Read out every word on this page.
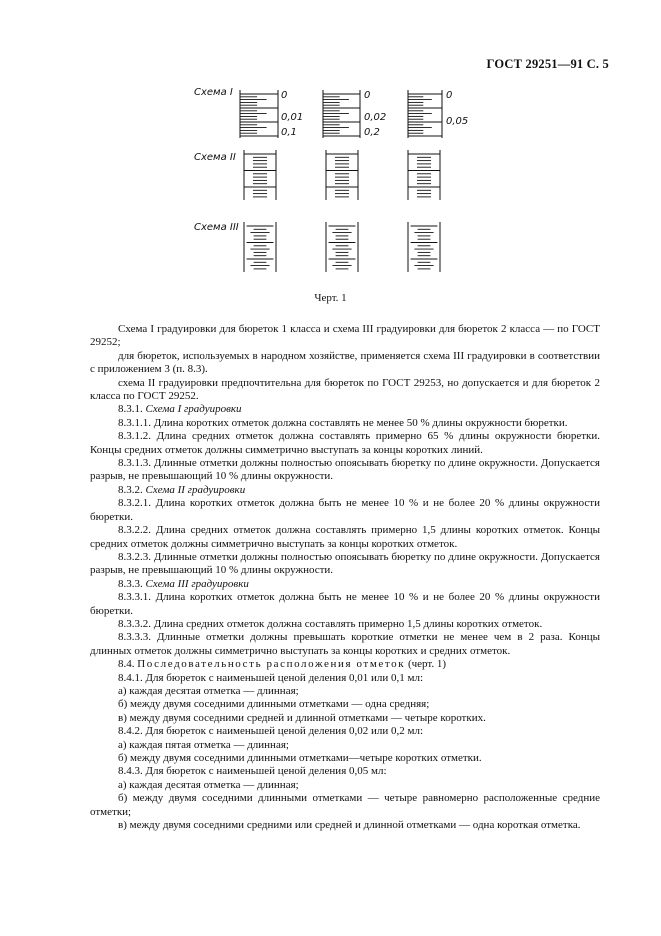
ГОСТ 29251—91 С. 5
Схема I
Схема II
Схема III
0
0,01
0,1
0
0,02
0,2
0
0,05
Черт. 1

Схема I градуировки для бюреток 1 класса и схема III градуировки для бюреток 2 класса — по ГОСТ 29252;

для бюреток, используемых в народном хозяйстве, применяется схема III градуировки в соответствии с приложением 3 (п. 8.3).

схема II градуировки предпочтительна для бюреток по ГОСТ 29253, но допускается и для бюреток 2 класса по ГОСТ 29252.

8.3.1. Схема I градуировки

8.3.1.1. Длина коротких отметок должна составлять не менее 50 % длины окружности бюретки.

8.3.1.2. Длина средних отметок должна составлять примерно 65 % длины окружности бюретки. Концы средних отметок должны симметрично выступать за концы коротких линий.

8.3.1.3. Длинные отметки должны полностью опоясывать бюретку по длине окружности. Допускается разрыв, не превышающий 10 % длины окружности.

8.3.2. Схема II градуировки

8.3.2.1. Длина коротких отметок должна быть не менее 10 % и не более 20 % длины окружности бюретки.

8.3.2.2. Длина средних отметок должна составлять примерно 1,5 длины коротких отметок. Концы средних отметок должны симметрично выступать за концы коротких отметок.

8.3.2.3. Длинные отметки должны полностью опоясывать бюретку по длине окружности. Допускается разрыв, не превышающий 10 % длины окружности.

8.3.3. Схема III градуировки

8.3.3.1. Длина коротких отметок должна быть не менее 10 % и не более 20 % длины окружности бюретки.

8.3.3.2. Длина средних отметок должна составлять примерно 1,5 длины коротких отметок.

8.3.3.3. Длинные отметки должны превышать короткие отметки не менее чем в 2 раза. Концы длинных отметок должны симметрично выступать за концы коротких и средних отметок.

8.4. Последовательность расположения отметок (черт. 1)

8.4.1. Для бюреток с наименьшей ценой деления 0,01 или 0,1 мл:

а) каждая десятая отметка — длинная;

б) между двумя соседними длинными отметками — одна средняя;

в) между двумя соседними средней и длинной отметками — четыре коротких.

8.4.2. Для бюреток с наименьшей ценой деления 0,02 или 0,2 мл:

а) каждая пятая отметка — длинная;

б) между двумя соседними длинными отметками—четыре коротких отметки.

8.4.3. Для бюреток с наименьшей ценой деления 0,05 мл:

а) каждая десятая отметка — длинная;

б) между двумя соседними длинными отметками — четыре равномерно расположенные средние отметки;

в) между двумя соседними средними или средней и длинной отметками — одна короткая отметка.
